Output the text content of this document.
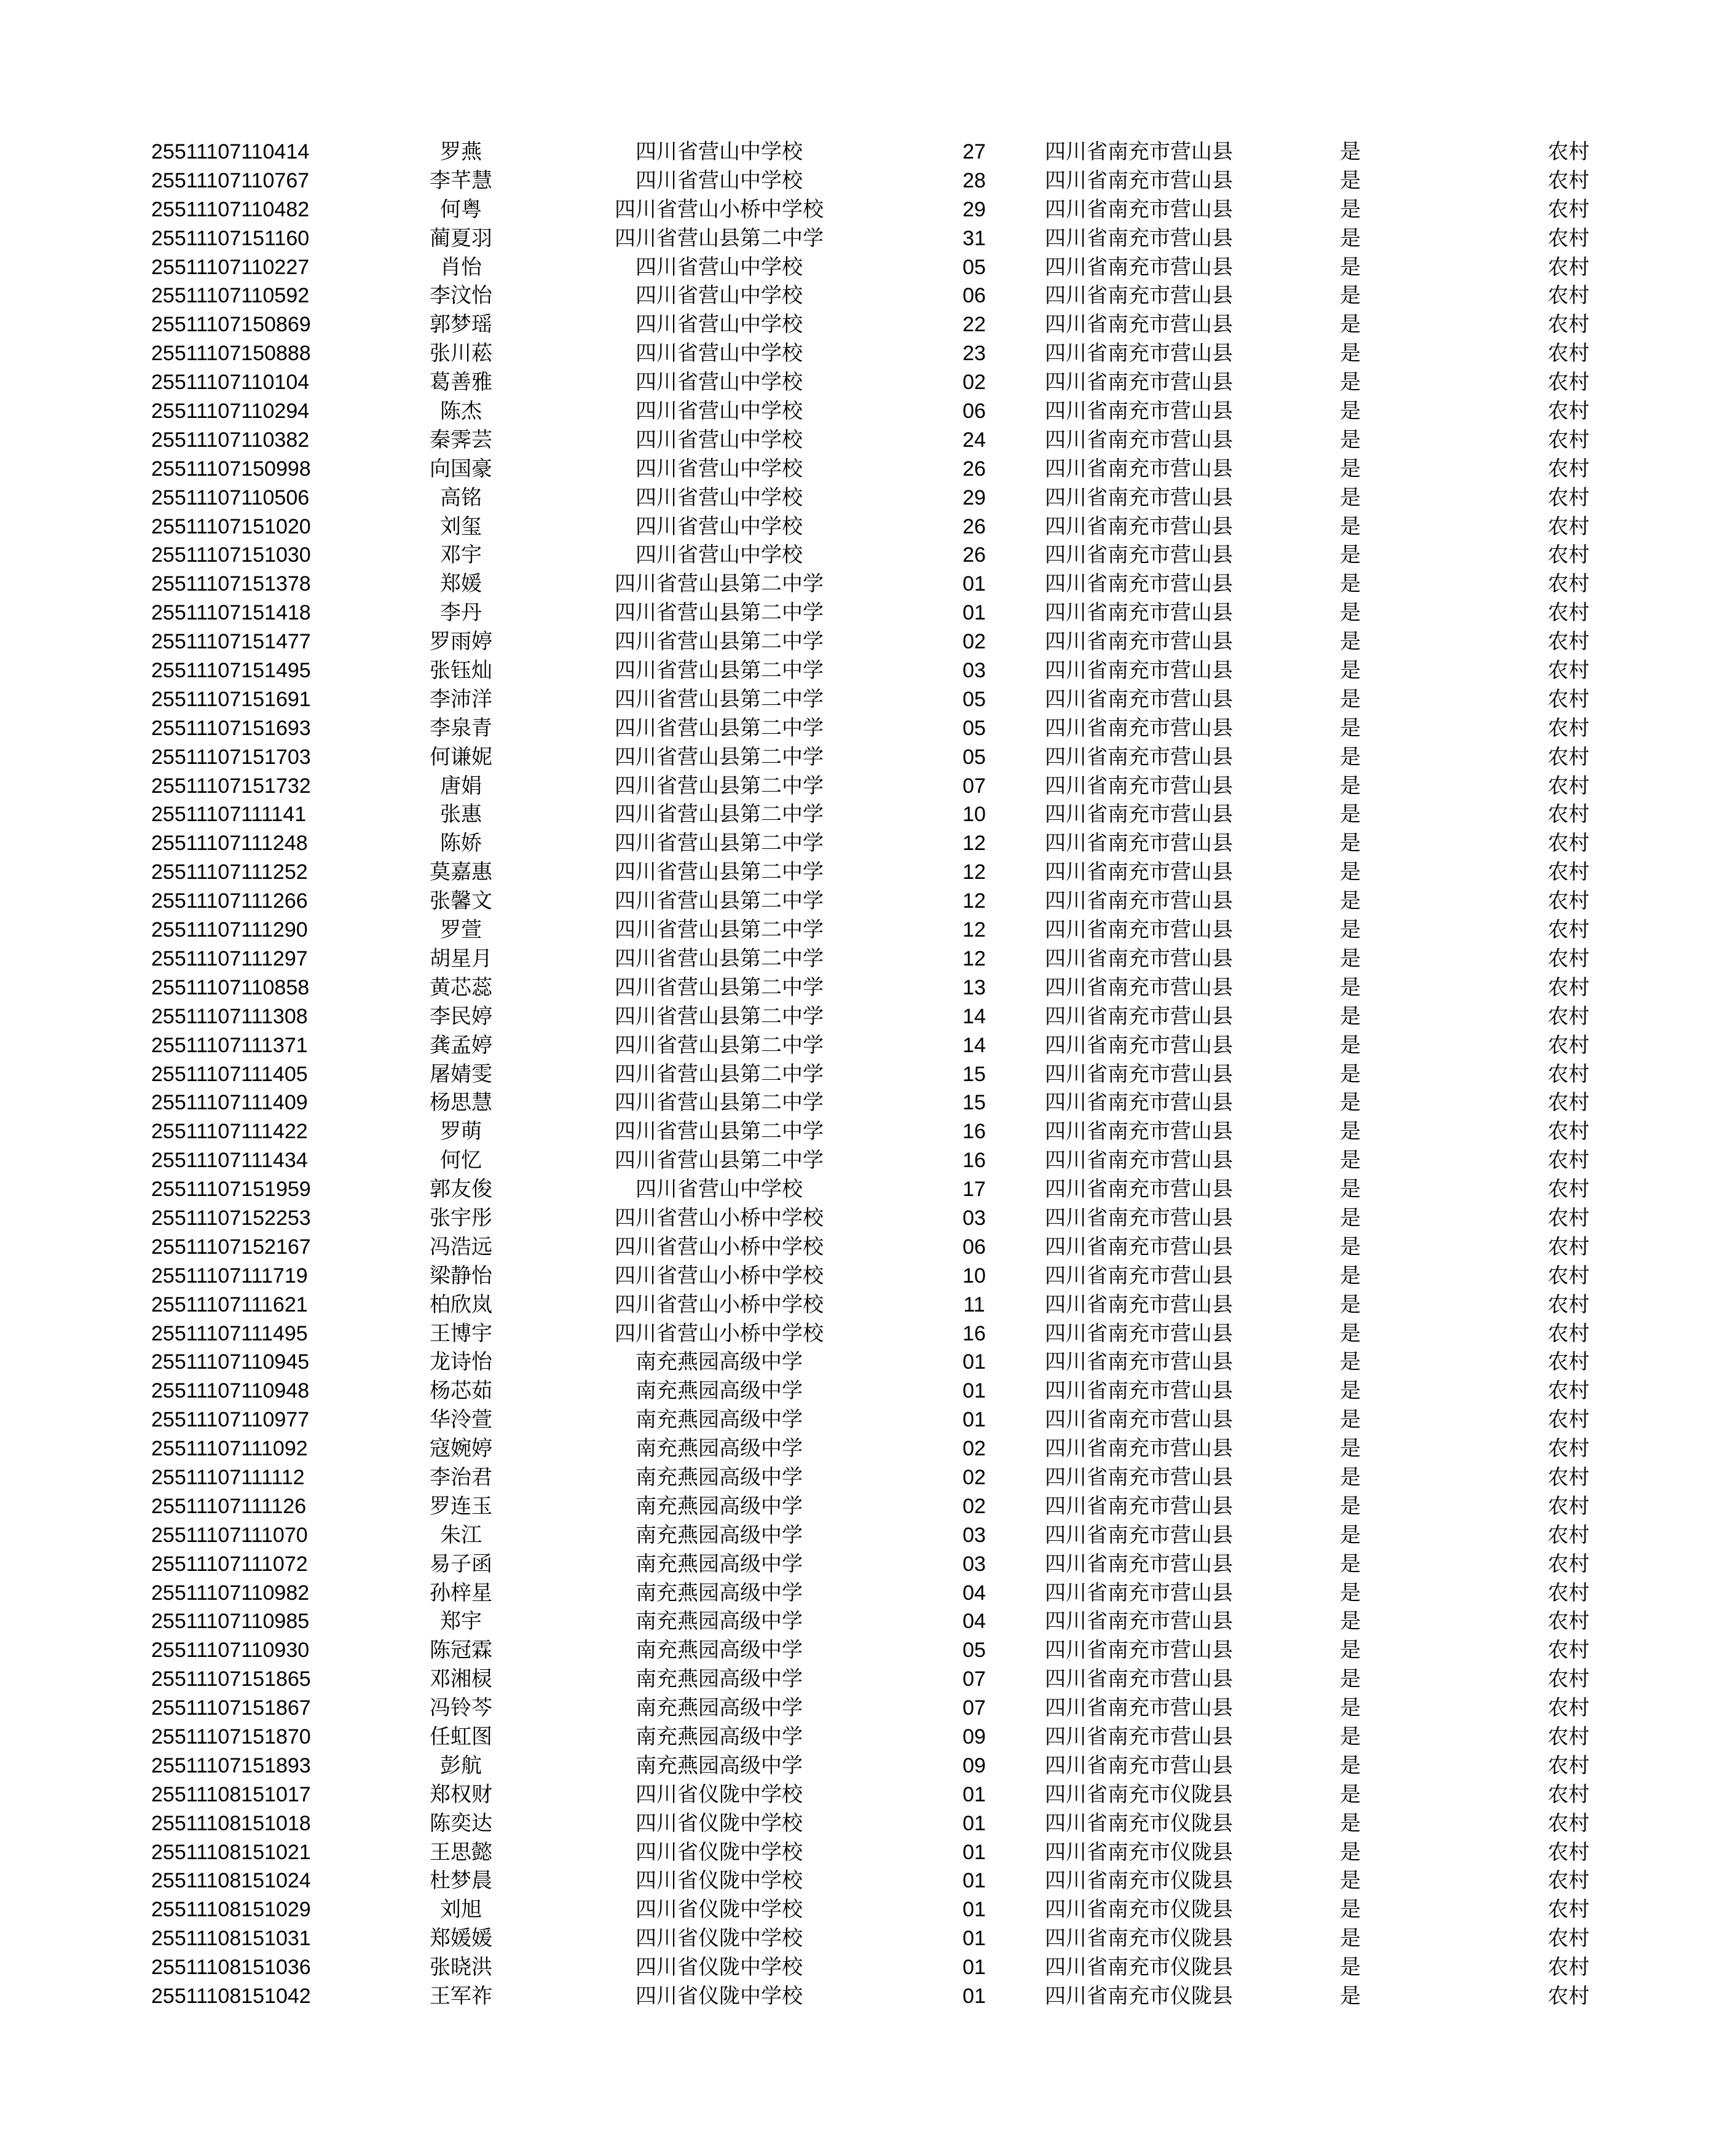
25511107110414	罗燕	四川省营山中学校	27	四川省南充市营山县	是	农村
25511107110767	李芊慧	四川省营山中学校	28	四川省南充市营山县	是	农村
25511107110482	何粤	四川省营山小桥中学校	29	四川省南充市营山县	是	农村
25511107151160	蔺夏羽	四川省营山县第二中学	31	四川省南充市营山县	是	农村
25511107110227	肖怡	四川省营山中学校	05	四川省南充市营山县	是	农村
25511107110592	李汶怡	四川省营山中学校	06	四川省南充市营山县	是	农村
25511107150869	郭梦瑶	四川省营山中学校	22	四川省南充市营山县	是	农村
25511107150888	张川菘	四川省营山中学校	23	四川省南充市营山县	是	农村
25511107110104	葛善雅	四川省营山中学校	02	四川省南充市营山县	是	农村
25511107110294	陈杰	四川省营山中学校	06	四川省南充市营山县	是	农村
25511107110382	秦霁芸	四川省营山中学校	24	四川省南充市营山县	是	农村
25511107150998	向国豪	四川省营山中学校	26	四川省南充市营山县	是	农村
25511107110506	高铭	四川省营山中学校	29	四川省南充市营山县	是	农村
25511107151020	刘玺	四川省营山中学校	26	四川省南充市营山县	是	农村
25511107151030	邓宇	四川省营山中学校	26	四川省南充市营山县	是	农村
25511107151378	郑媛	四川省营山县第二中学	01	四川省南充市营山县	是	农村
25511107151418	李丹	四川省营山县第二中学	01	四川省南充市营山县	是	农村
25511107151477	罗雨婷	四川省营山县第二中学	02	四川省南充市营山县	是	农村
25511107151495	张钰灿	四川省营山县第二中学	03	四川省南充市营山县	是	农村
25511107151691	李沛洋	四川省营山县第二中学	05	四川省南充市营山县	是	农村
25511107151693	李泉青	四川省营山县第二中学	05	四川省南充市营山县	是	农村
25511107151703	何谦妮	四川省营山县第二中学	05	四川省南充市营山县	是	农村
25511107151732	唐娟	四川省营山县第二中学	07	四川省南充市营山县	是	农村
25511107111141	张惠	四川省营山县第二中学	10	四川省南充市营山县	是	农村
25511107111248	陈娇	四川省营山县第二中学	12	四川省南充市营山县	是	农村
25511107111252	莫嘉惠	四川省营山县第二中学	12	四川省南充市营山县	是	农村
25511107111266	张馨文	四川省营山县第二中学	12	四川省南充市营山县	是	农村
25511107111290	罗萱	四川省营山县第二中学	12	四川省南充市营山县	是	农村
25511107111297	胡星月	四川省营山县第二中学	12	四川省南充市营山县	是	农村
25511107110858	黄芯蕊	四川省营山县第二中学	13	四川省南充市营山县	是	农村
25511107111308	李民婷	四川省营山县第二中学	14	四川省南充市营山县	是	农村
25511107111371	龚孟婷	四川省营山县第二中学	14	四川省南充市营山县	是	农村
25511107111405	屠婧雯	四川省营山县第二中学	15	四川省南充市营山县	是	农村
25511107111409	杨思慧	四川省营山县第二中学	15	四川省南充市营山县	是	农村
25511107111422	罗萌	四川省营山县第二中学	16	四川省南充市营山县	是	农村
25511107111434	何忆	四川省营山县第二中学	16	四川省南充市营山县	是	农村
25511107151959	郭友俊	四川省营山中学校	17	四川省南充市营山县	是	农村
25511107152253	张宇彤	四川省营山小桥中学校	03	四川省南充市营山县	是	农村
25511107152167	冯浩远	四川省营山小桥中学校	06	四川省南充市营山县	是	农村
25511107111719	梁静怡	四川省营山小桥中学校	10	四川省南充市营山县	是	农村
25511107111621	柏欣岚	四川省营山小桥中学校	11	四川省南充市营山县	是	农村
25511107111495	王博宇	四川省营山小桥中学校	16	四川省南充市营山县	是	农村
25511107110945	龙诗怡	南充燕园高级中学	01	四川省南充市营山县	是	农村
25511107110948	杨芯茹	南充燕园高级中学	01	四川省南充市营山县	是	农村
25511107110977	华泠萱	南充燕园高级中学	01	四川省南充市营山县	是	农村
25511107111092	寇婉婷	南充燕园高级中学	02	四川省南充市营山县	是	农村
25511107111112	李治君	南充燕园高级中学	02	四川省南充市营山县	是	农村
25511107111126	罗连玉	南充燕园高级中学	02	四川省南充市营山县	是	农村
25511107111070	朱江	南充燕园高级中学	03	四川省南充市营山县	是	农村
25511107111072	易子函	南充燕园高级中学	03	四川省南充市营山县	是	农村
25511107110982	孙梓星	南充燕园高级中学	04	四川省南充市营山县	是	农村
25511107110985	郑宇	南充燕园高级中学	04	四川省南充市营山县	是	农村
25511107110930	陈冠霖	南充燕园高级中学	05	四川省南充市营山县	是	农村
25511107151865	邓湘棂	南充燕园高级中学	07	四川省南充市营山县	是	农村
25511107151867	冯铃芩	南充燕园高级中学	07	四川省南充市营山县	是	农村
25511107151870	任虹图	南充燕园高级中学	09	四川省南充市营山县	是	农村
25511107151893	彭航	南充燕园高级中学	09	四川省南充市营山县	是	农村
25511108151017	郑权财	四川省仪陇中学校	01	四川省南充市仪陇县	是	农村
25511108151018	陈奕达	四川省仪陇中学校	01	四川省南充市仪陇县	是	农村
25511108151021	王思懿	四川省仪陇中学校	01	四川省南充市仪陇县	是	农村
25511108151024	杜梦晨	四川省仪陇中学校	01	四川省南充市仪陇县	是	农村
25511108151029	刘旭	四川省仪陇中学校	01	四川省南充市仪陇县	是	农村
25511108151031	郑媛媛	四川省仪陇中学校	01	四川省南充市仪陇县	是	农村
25511108151036	张晓洪	四川省仪陇中学校	01	四川省南充市仪陇县	是	农村
25511108151042	王军祚	四川省仪陇中学校	01	四川省南充市仪陇县	是	农村
